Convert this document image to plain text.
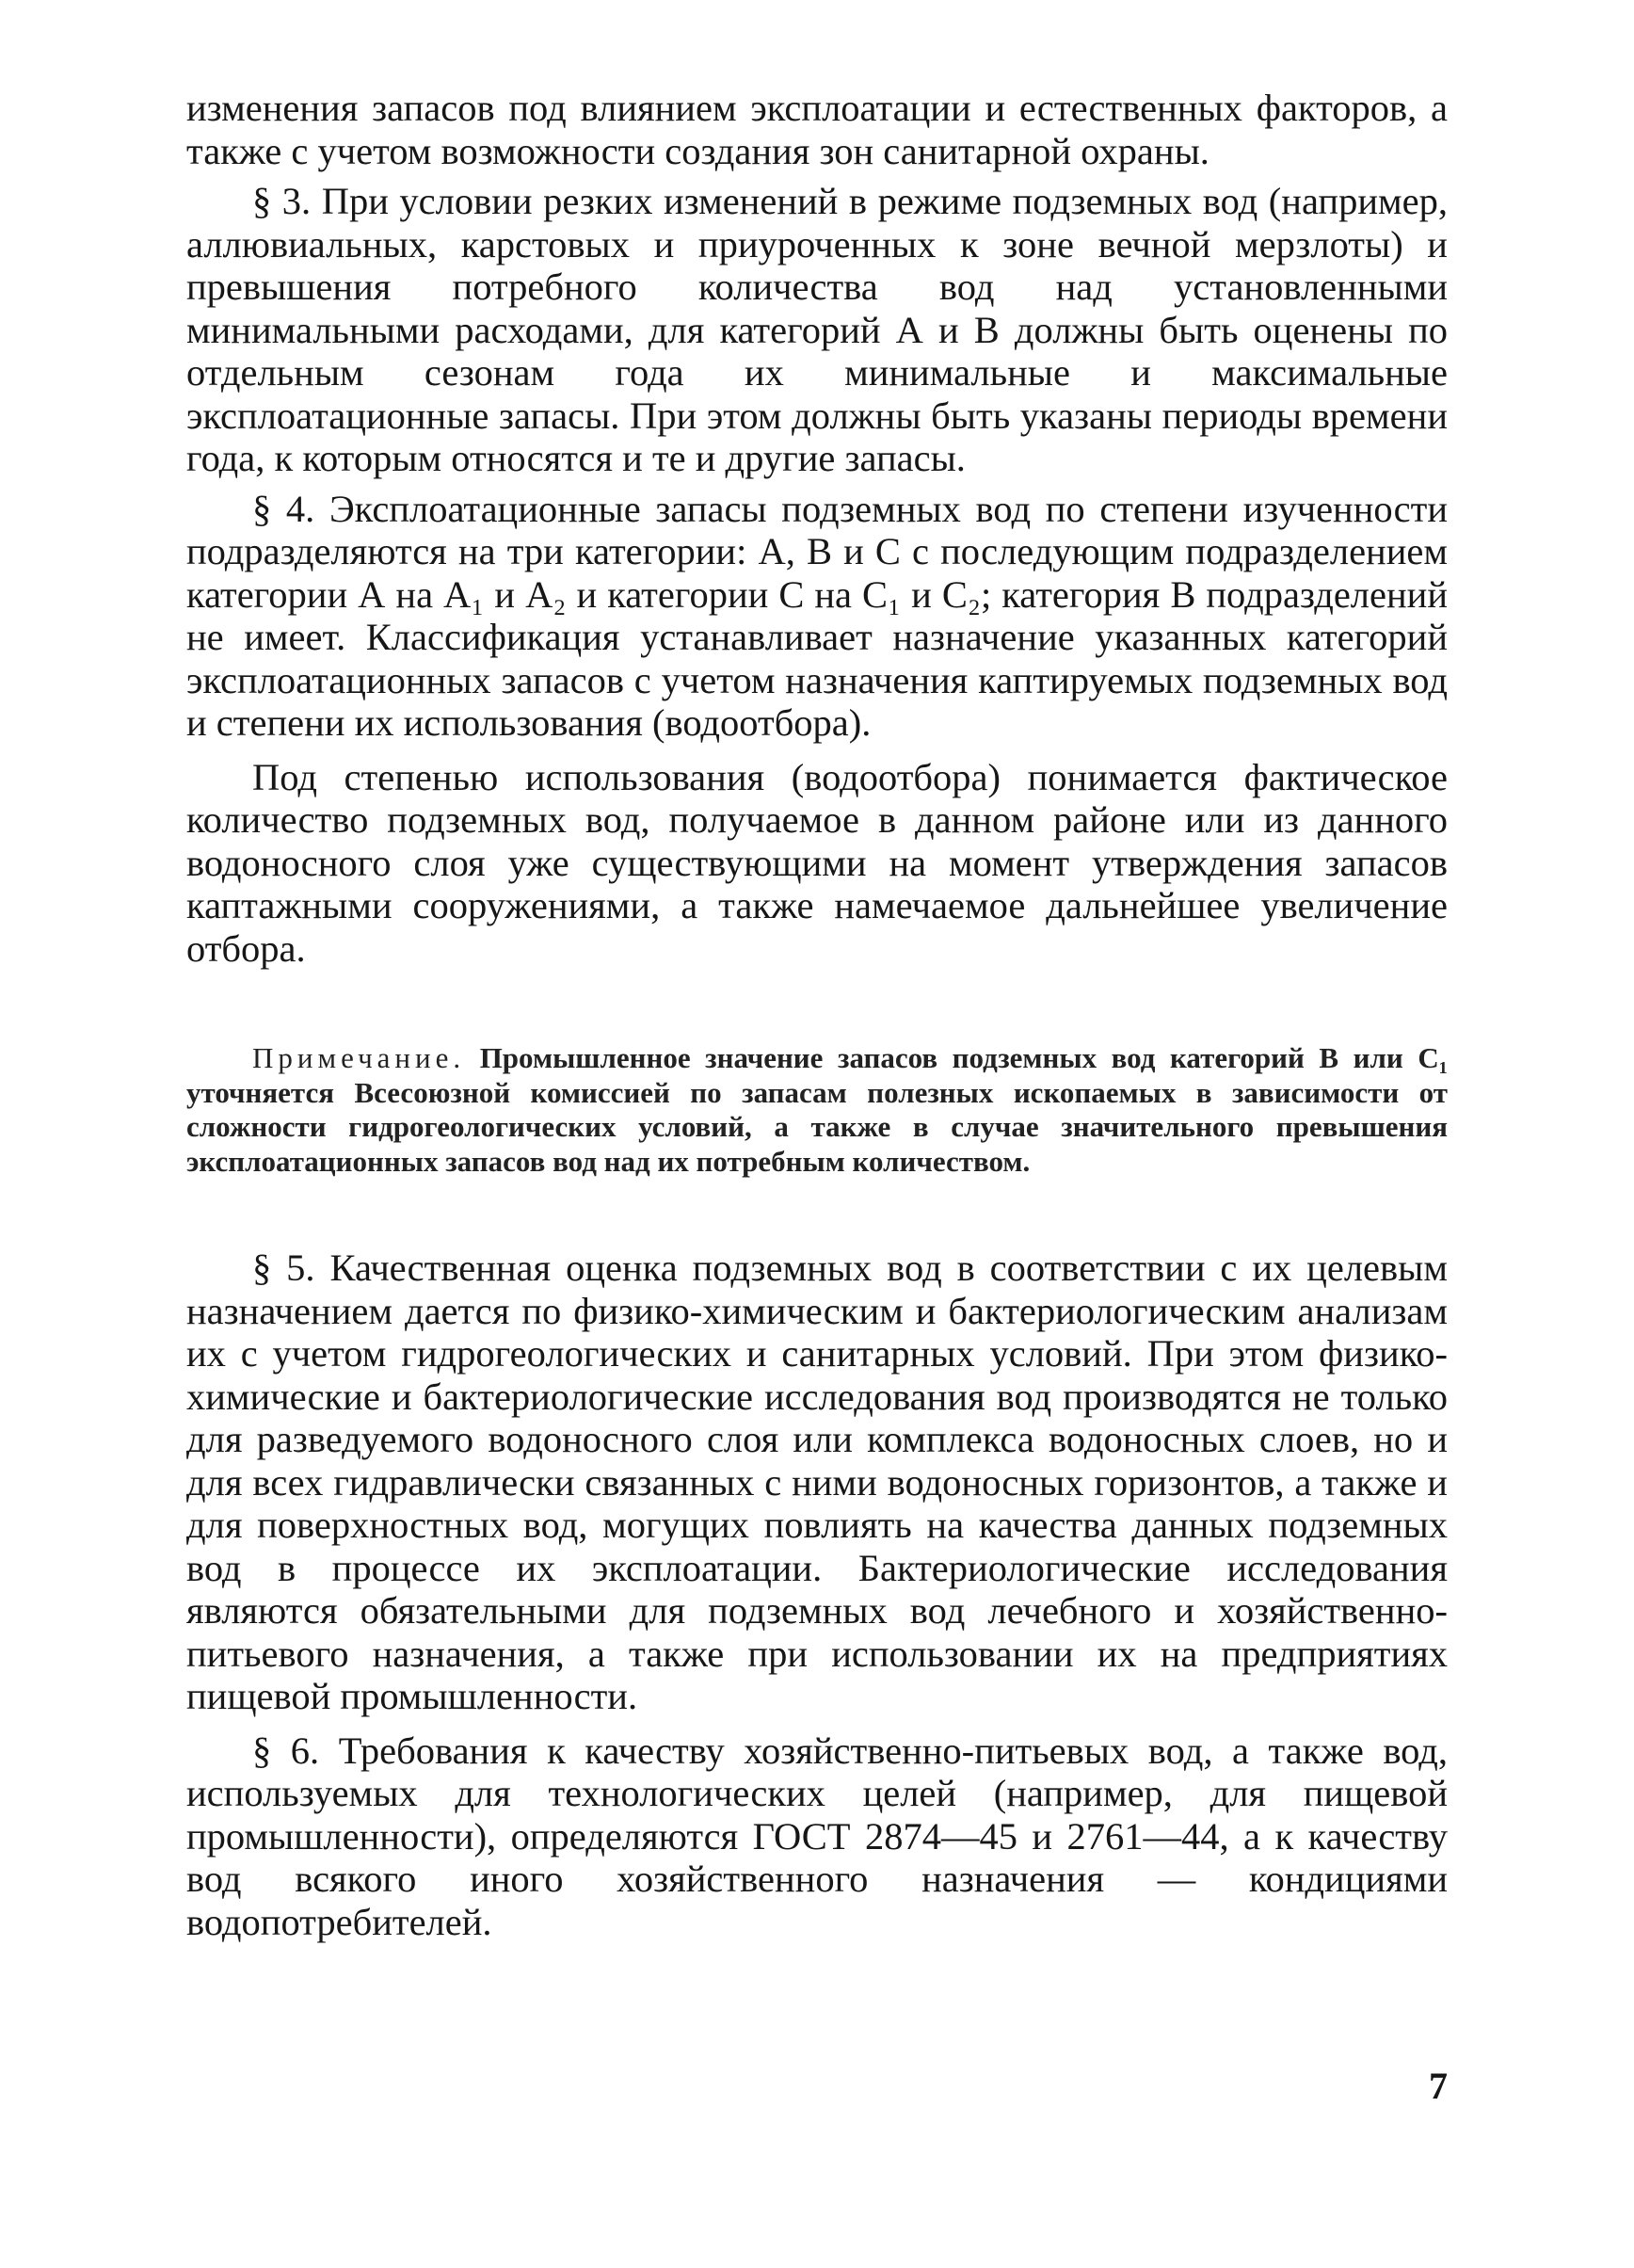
изменения запасов под влиянием эксплоатации и естественных факторов, а также с учетом возможности создания зон санитарной охраны.

§ 3. При условии резких изменений в режиме подземных вод (например, аллювиальных, карстовых и приуроченных к зоне вечной мерзлоты) и превышения потребного количества вод над установленными минимальными расходами, для категорий А и В должны быть оценены по отдельным сезонам года их минимальные и максимальные эксплоатационные запасы. При этом должны быть указаны периоды времени года, к которым относятся и те и другие запасы.

§ 4. Эксплоатационные запасы подземных вод по степени изученности подразделяются на три категории: А, В и С с последующим подразделением категории А на А₁ и А₂ и категории С на С₁ и С₂; категория В подразделений не имеет. Классификация устанавливает назначение указанных категорий эксплоатационных запасов с учетом назначения каптируемых подземных вод и степени их использования (водоотбора).

Под степенью использования (водоотбора) понимается фактическое количество подземных вод, получаемое в данном районе или из данного водоносного слоя уже существующими на момент утверждения запасов каптажными сооружениями, а также намечаемое дальнейшее увеличение отбора.

Примечание. Промышленное значение запасов подземных вод категорий В или С₁ уточняется Всесоюзной комиссией по запасам полезных ископаемых в зависимости от сложности гидрогеологических условий, а также в случае значительного превышения эксплоатационных запасов вод над их потребным количеством.

§ 5. Качественная оценка подземных вод в соответствии с их целевым назначением дается по физико-химическим и бактериологическим анализам их с учетом гидрогеологических и санитарных условий. При этом физико-химические и бактериологические исследования вод производятся не только для разведуемого водоносного слоя или комплекса водоносных слоев, но и для всех гидравлически связанных с ними водоносных горизонтов, а также и для поверхностных вод, могущих повлиять на качества данных подземных вод в процессе их эксплоатации. Бактериологические исследования являются обязательными для подземных вод лечебного и хозяйственно-питьевого назначения, а также при использовании их на предприятиях пищевой промышленности.

§ 6. Требования к качеству хозяйственно-питьевых вод, а также вод, используемых для технологических целей (например, для пищевой промышленности), определяются ГОСТ 2874—45 и 2761—44, а к качеству вод всякого иного хозяйственного назначения — кондициями водопотребителей.

7
